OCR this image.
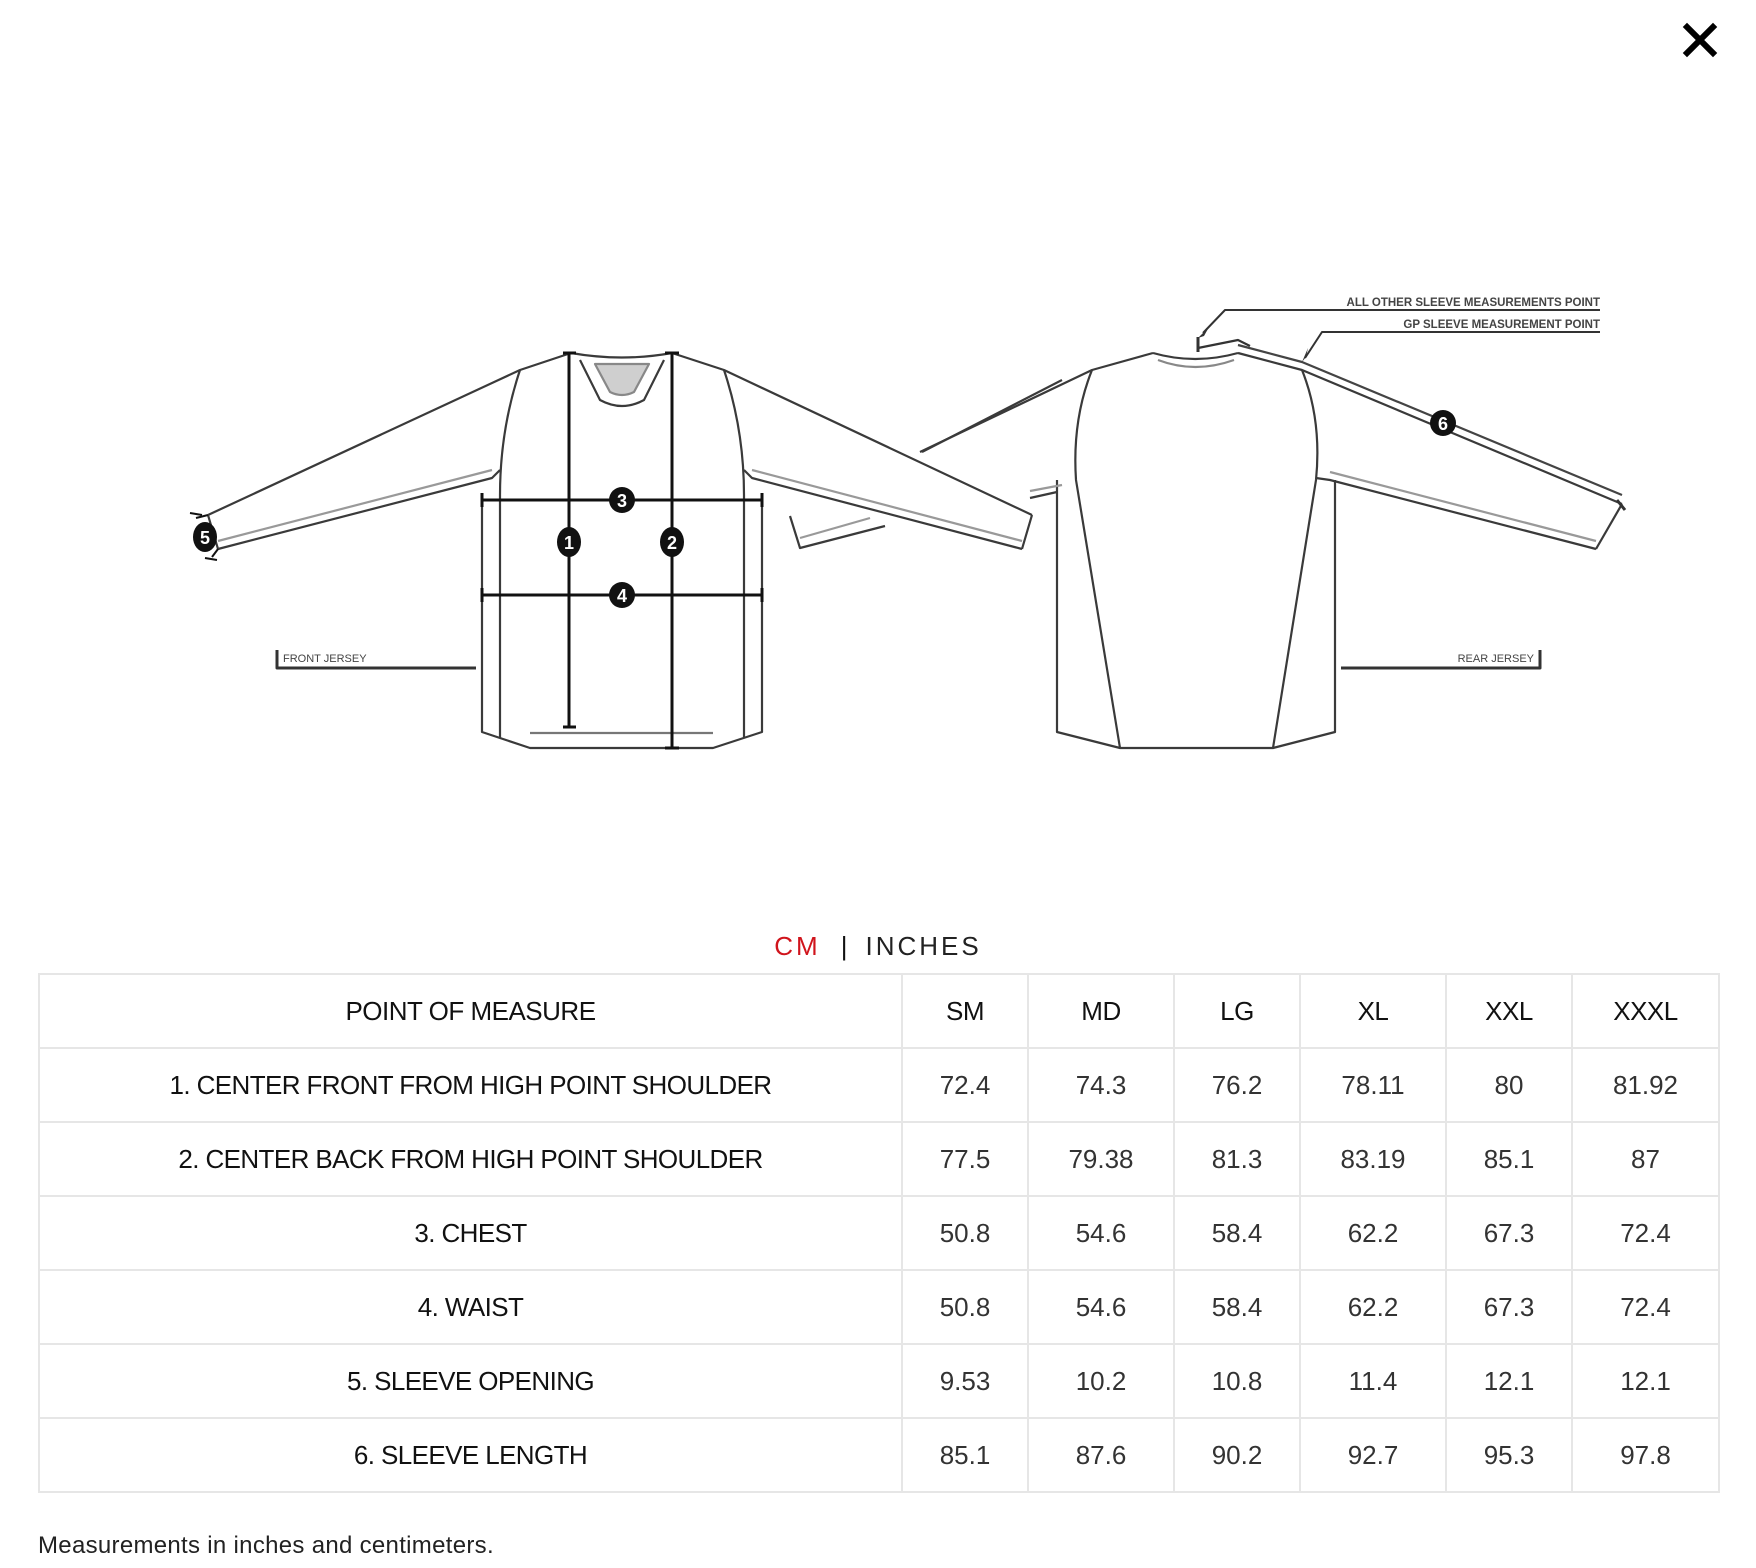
3
1	2
4
5
6
FRONT JERSEY	REAR JERSEY
ALL OTHER SLEEVE MEASUREMENTS POINT
GP SLEEVE MEASUREMENT POINT
CM | INCHES
POINT OF MEASURE	SM	MD	LG	XL	XXL	XXXL
1. CENTER FRONT FROM HIGH POINT SHOULDER	72.4	74.3	76.2	78.11	80	81.92
2. CENTER BACK FROM HIGH POINT SHOULDER	77.5	79.38	81.3	83.19	85.1	87
3. CHEST	50.8	54.6	58.4	62.2	67.3	72.4
4. WAIST	50.8	54.6	58.4	62.2	67.3	72.4
5. SLEEVE OPENING	9.53	10.2	10.8	11.4	12.1	12.1
6. SLEEVE LENGTH	85.1	87.6	90.2	92.7	95.3	97.8
Measurements in inches and centimeters.
